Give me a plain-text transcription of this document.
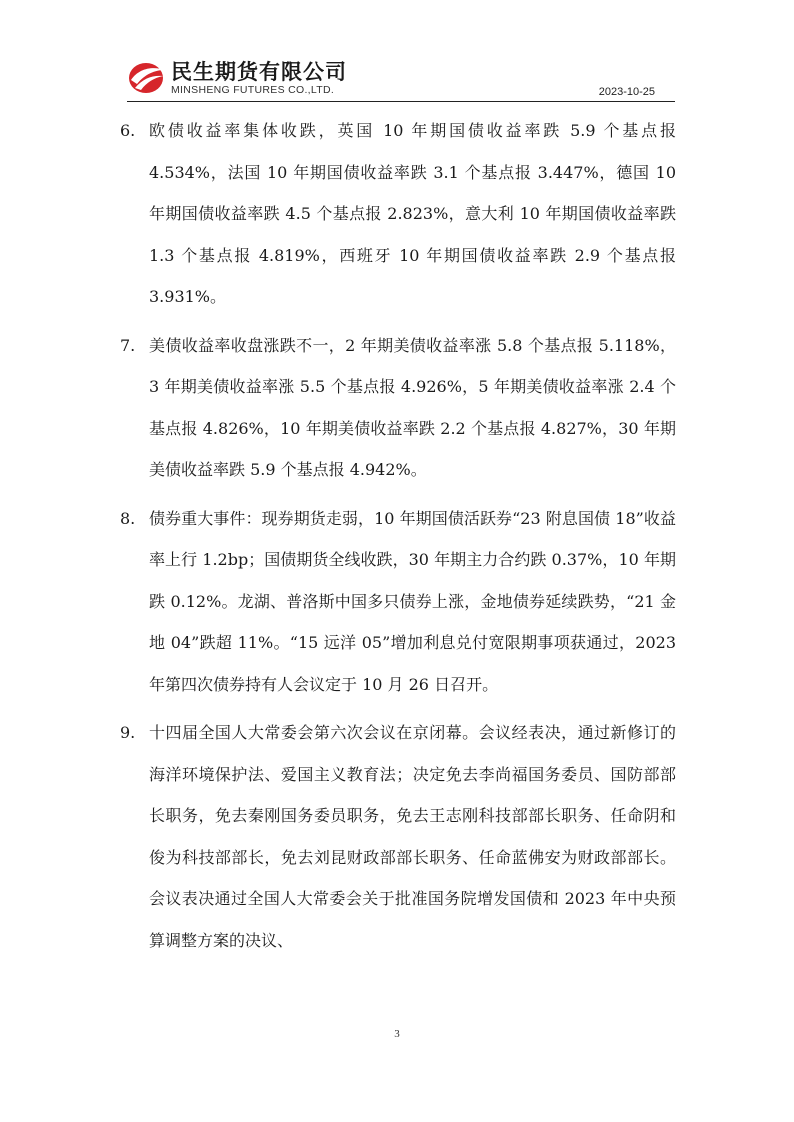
民生期货有限公司
MINSHENG FUTURES CO.,LTD.	2023-10-25
6. 欧债收益率集体收跌，英国 10 年期国债收益率跌 5.9 个基点报 4.534%，法国 10 年期国债收益率跌 3.1 个基点报 3.447%，德国 10 年期国债收益率跌 4.5 个基点报 2.823%，意大利 10 年期国债收益率跌 1.3 个基点报 4.819%，西班牙 10 年期国债收益率跌 2.9 个基点报 3.931%。

7. 美债收益率收盘涨跌不一，2 年期美债收益率涨 5.8 个基点报 5.118%，3 年期美债收益率涨 5.5 个基点报 4.926%，5 年期美债收益率涨 2.4 个基点报 4.826%，10 年期美债收益率跌 2.2 个基点报 4.827%，30 年期美债收益率跌 5.9 个基点报 4.942%。

8. 债券重大事件：现券期货走弱，10 年期国债活跃券“23 附息国债 18”收益率上行 1.2bp；国债期货全线收跌，30 年期主力合约跌 0.37%，10 年期跌 0.12%。龙湖、普洛斯中国多只债券上涨，金地债券延续跌势，“21 金地 04”跌超 11%。“15 远洋 05”增加利息兑付宽限期事项获通过，2023 年第四次债券持有人会议定于 10 月 26 日召开。

9. 十四届全国人大常委会第六次会议在京闭幕。会议经表决，通过新修订的海洋环境保护法、爱国主义教育法；决定免去李尚福国务委员、国防部部长职务，免去秦刚国务委员职务，免去王志刚科技部部长职务、任命阴和俊为科技部部长，免去刘昆财政部部长职务、任命蓝佛安为财政部部长。会议表决通过全国人大常委会关于批准国务院增发国债和 2023 年中央预算调整方案的决议、

3
